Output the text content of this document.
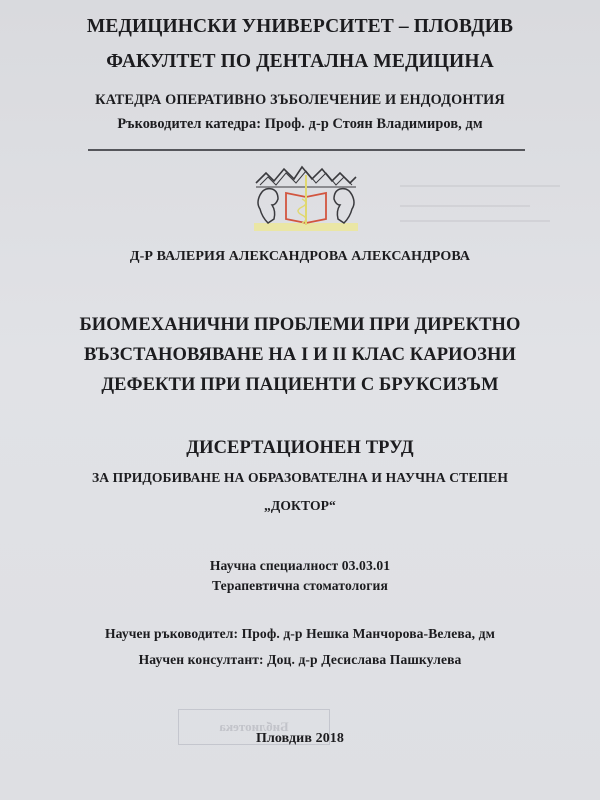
МЕДИЦИНСКИ УНИВЕРСИТЕТ – ПЛОВДИВ
ФАКУЛТЕТ ПО ДЕНТАЛНА МЕДИЦИНА
КАТЕДРА ОПЕРАТИВНО ЗЪБОЛЕЧЕНИЕ И ЕНДОДОНТИЯ
Ръководител катедра: Проф. д-р Стоян Владимиров, дм
Д-Р ВАЛЕРИЯ АЛЕКСАНДРОВА АЛЕКСАНДРОВА
БИОМЕХАНИЧНИ ПРОБЛЕМИ ПРИ ДИРЕКТНО
ВЪЗСТАНОВЯВАНЕ НА I И II КЛАС КАРИОЗНИ
ДЕФЕКТИ ПРИ ПАЦИЕНТИ С БРУКСИЗЪМ
ДИСЕРТАЦИОНЕН ТРУД
ЗА ПРИДОБИВАНЕ НА ОБРАЗОВАТЕЛНА И НАУЧНА СТЕПЕН
„ДОКТОР“
Научна специалност 03.03.01
Терапевтична стоматология
Научен ръководител: Проф. д-р Нешка Манчорова-Велева, дм
Научен консултант: Доц. д-р Десислава Пашкулева
Библиотека
Пловдив 2018
